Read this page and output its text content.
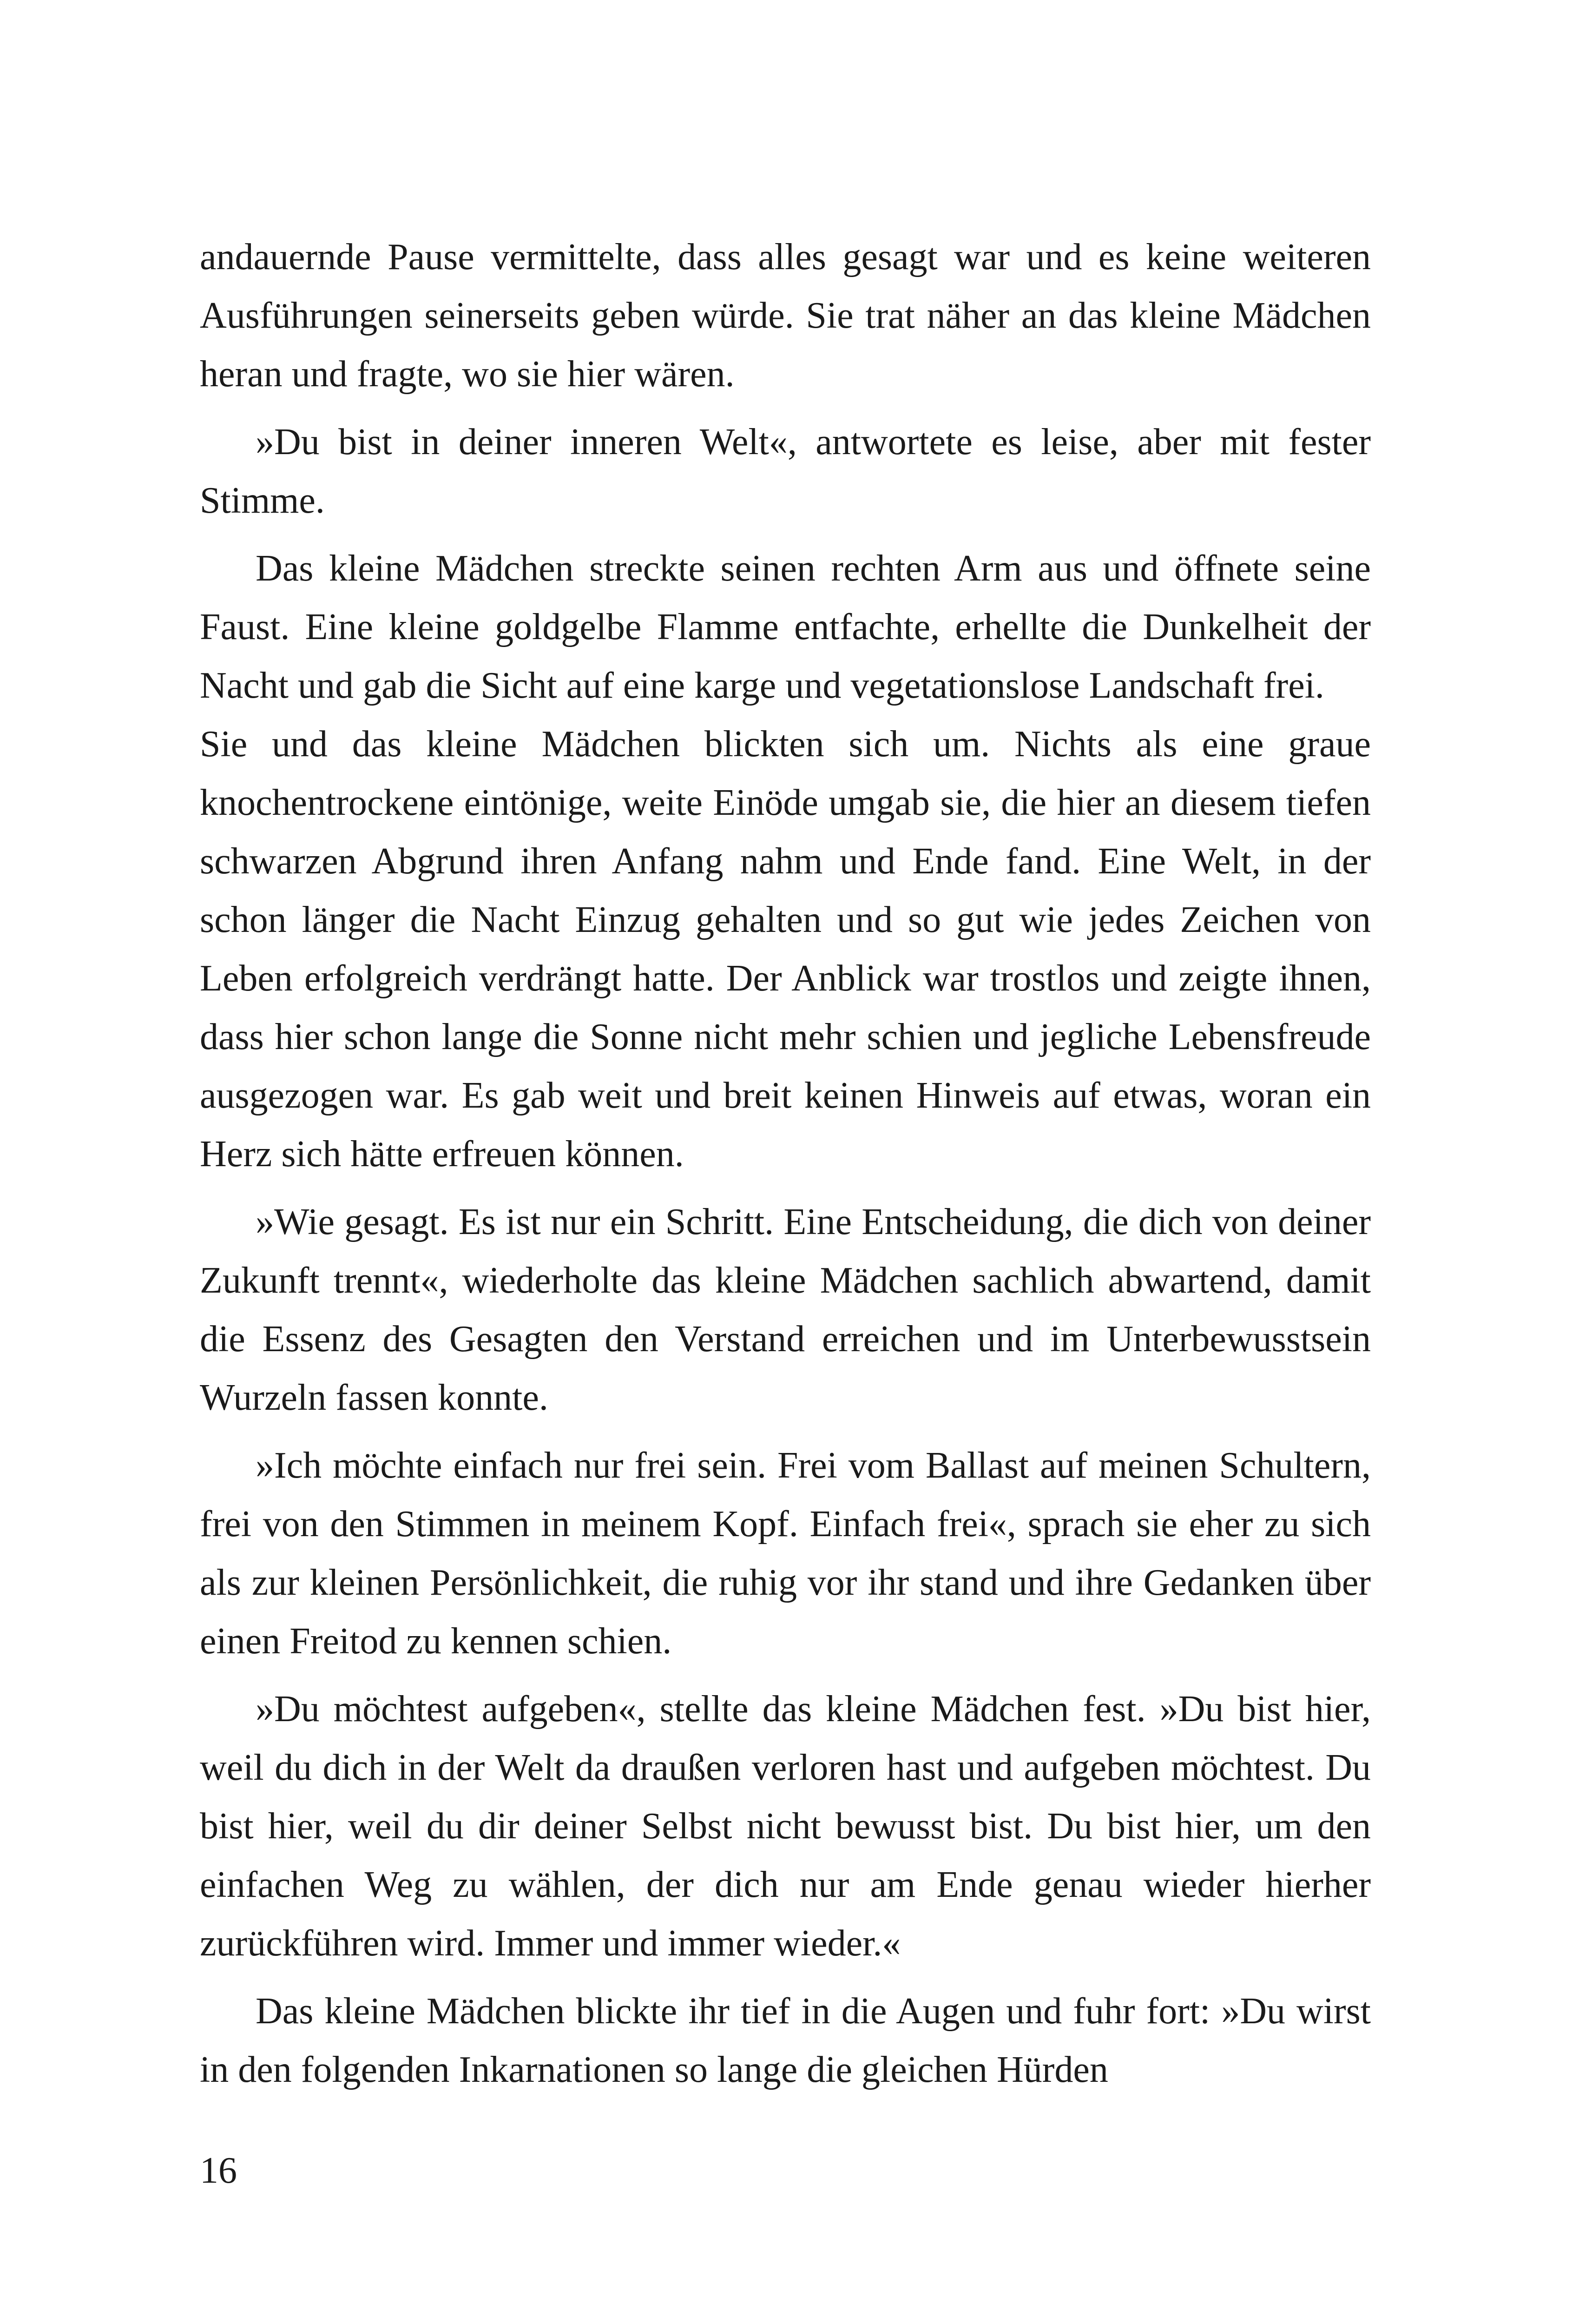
andauernde Pause vermittelte, dass alles gesagt war und es keine weiteren Ausführungen seinerseits geben würde. Sie trat näher an das kleine Mädchen heran und fragte, wo sie hier wären.

»Du bist in deiner inneren Welt«, antwortete es leise, aber mit fester Stimme.

Das kleine Mädchen streckte seinen rechten Arm aus und öffnete seine Faust. Eine kleine goldgelbe Flamme entfachte, erhellte die Dunkelheit der Nacht und gab die Sicht auf eine karge und vegetationslose Landschaft frei.

Sie und das kleine Mädchen blickten sich um. Nichts als eine graue knochentrockene eintönige, weite Einöde umgab sie, die hier an diesem tiefen schwarzen Abgrund ihren Anfang nahm und Ende fand. Eine Welt, in der schon länger die Nacht Einzug gehalten und so gut wie jedes Zeichen von Leben erfolgreich verdrängt hatte. Der Anblick war trostlos und zeigte ihnen, dass hier schon lange die Sonne nicht mehr schien und jegliche Lebensfreude ausgezogen war. Es gab weit und breit keinen Hinweis auf etwas, woran ein Herz sich hätte erfreuen können.

»Wie gesagt. Es ist nur ein Schritt. Eine Entscheidung, die dich von deiner Zukunft trennt«, wiederholte das kleine Mädchen sachlich abwartend, damit die Essenz des Gesagten den Verstand erreichen und im Unterbewusstsein Wurzeln fassen konnte.

»Ich möchte einfach nur frei sein. Frei vom Ballast auf meinen Schultern, frei von den Stimmen in meinem Kopf. Einfach frei«, sprach sie eher zu sich als zur kleinen Persönlichkeit, die ruhig vor ihr stand und ihre Gedanken über einen Freitod zu kennen schien.

»Du möchtest aufgeben«, stellte das kleine Mädchen fest. »Du bist hier, weil du dich in der Welt da draußen verloren hast und aufgeben möchtest. Du bist hier, weil du dir deiner Selbst nicht bewusst bist. Du bist hier, um den einfachen Weg zu wählen, der dich nur am Ende genau wieder hierher zurückführen wird. Immer und immer wieder.«

Das kleine Mädchen blickte ihr tief in die Augen und fuhr fort: »Du wirst in den folgenden Inkarnationen so lange die gleichen Hürden

16
